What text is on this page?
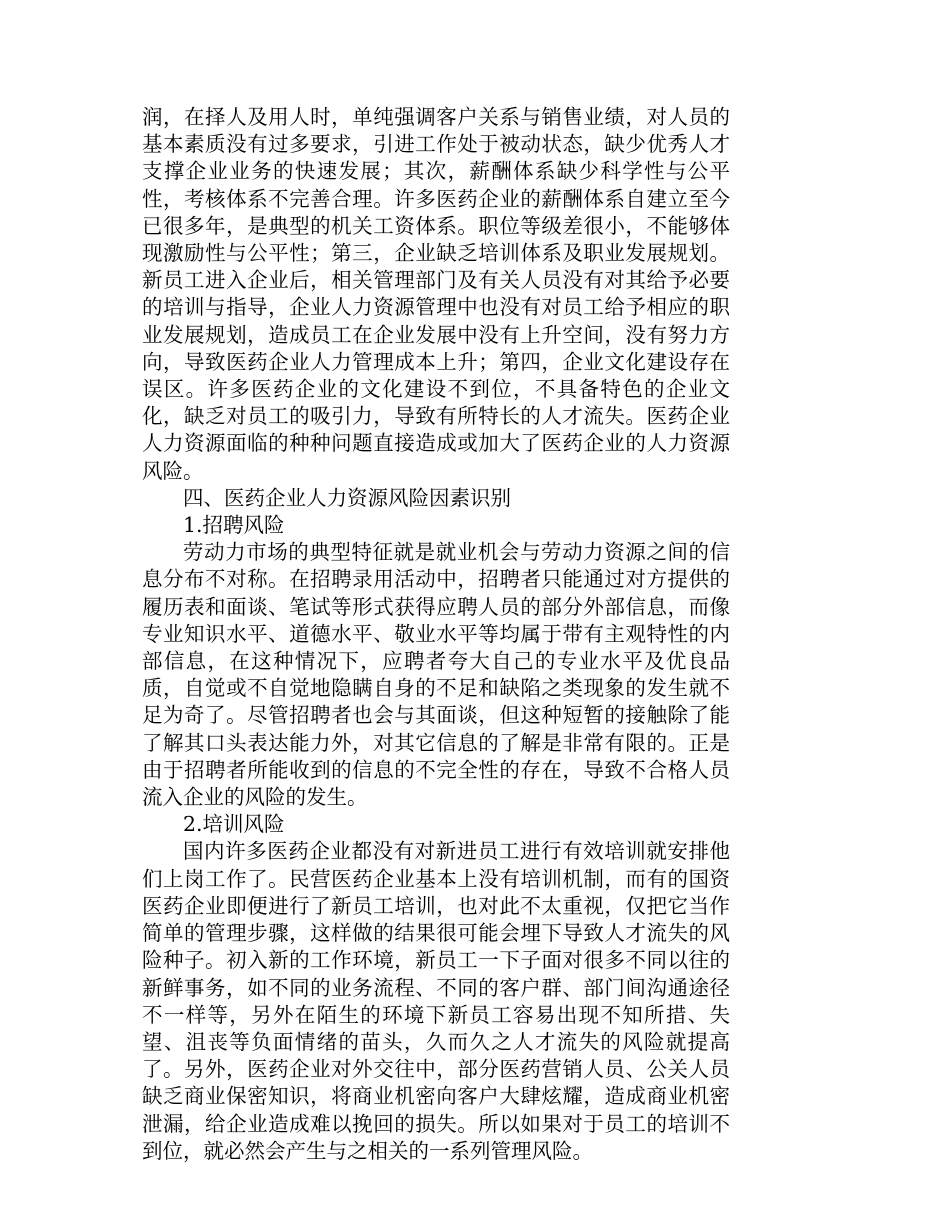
润，在择人及用人时，单纯强调客户关系与销售业绩，对人员的基本素质没有过多要求，引进工作处于被动状态，缺少优秀人才支撑企业业务的快速发展；其次，薪酬体系缺少科学性与公平性，考核体系不完善合理。许多医药企业的薪酬体系自建立至今已很多年，是典型的机关工资体系。职位等级差很小，不能够体现激励性与公平性；第三，企业缺乏培训体系及职业发展规划。新员工进入企业后，相关管理部门及有关人员没有对其给予必要的培训与指导，企业人力资源管理中也没有对员工给予相应的职业发展规划，造成员工在企业发展中没有上升空间，没有努力方向，导致医药企业人力管理成本上升；第四，企业文化建设存在误区。许多医药企业的文化建设不到位，不具备特色的企业文化，缺乏对员工的吸引力，导致有所特长的人才流失。医药企业人力资源面临的种种问题直接造成或加大了医药企业的人力资源风险。

四、医药企业人力资源风险因素识别

1.招聘风险

劳动力市场的典型特征就是就业机会与劳动力资源之间的信息分布不对称。在招聘录用活动中，招聘者只能通过对方提供的履历表和面谈、笔试等形式获得应聘人员的部分外部信息，而像专业知识水平、道德水平、敬业水平等均属于带有主观特性的内部信息，在这种情况下，应聘者夸大自己的专业水平及优良品质，自觉或不自觉地隐瞒自身的不足和缺陷之类现象的发生就不足为奇了。尽管招聘者也会与其面谈，但这种短暂的接触除了能了解其口头表达能力外，对其它信息的了解是非常有限的。正是由于招聘者所能收到的信息的不完全性的存在，导致不合格人员流入企业的风险的发生。

2.培训风险

国内许多医药企业都没有对新进员工进行有效培训就安排他们上岗工作了。民营医药企业基本上没有培训机制，而有的国资医药企业即便进行了新员工培训，也对此不太重视，仅把它当作简单的管理步骤，这样做的结果很可能会埋下导致人才流失的风险种子。初入新的工作环境，新员工一下子面对很多不同以往的新鲜事务，如不同的业务流程、不同的客户群、部门间沟通途径不一样等，另外在陌生的环境下新员工容易出现不知所措、失望、沮丧等负面情绪的苗头，久而久之人才流失的风险就提高了。另外，医药企业对外交往中，部分医药营销人员、公关人员缺乏商业保密知识，将商业机密向客户大肆炫耀，造成商业机密泄漏，给企业造成难以挽回的损失。所以如果对于员工的培训不到位，就必然会产生与之相关的一系列管理风险。
